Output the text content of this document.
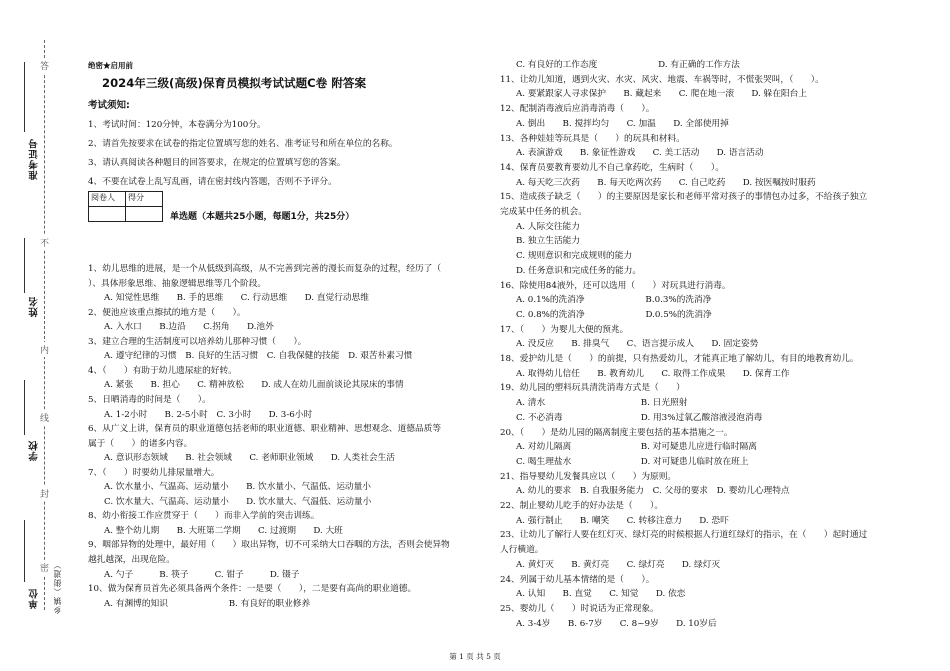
答
不
内
线
封
密
准考证号
姓名
学校
单位 乡镇（街道）
绝密★启用前
2024年三级(高级)保育员模拟考试试题C卷 附答案
考试须知:
1、考试时间：120分钟，本卷满分为100分。
2、请首先按要求在试卷的指定位置填写您的姓名、准考证号和所在单位的名称。
3、请认真阅读各种题目的回答要求，在规定的位置填写您的答案。
4、不要在试卷上乱写乱画，请在密封线内答题，否则不予评分。
阅卷人	得分

单选题（本题共25小题，每题1分，共25分）
1、幼儿思维的进展，是一个从低级到高级，从不完善到完善的漫长而复杂的过程，经历了（
）、具体形象思维、抽象逻辑思维等几个阶段。
A. 知觉性思维　　B. 手的思维　　C. 行动思维　　D. 直觉行动思维
2、便池应该重点擦拭的地方是（　　）。
A. 入水口　　B.边沿　　C.拐角　　D.池外
3、建立合理的生活制度可以培养幼儿那种习惯（　　）。
A. 遵守纪律的习惯　B. 良好的生活习惯　C. 自我保健的技能　D. 艰苦朴素习惯
4、（　　）有助于幼儿遗尿症的好转。
A. 紧张　　B. 担心　　C. 精神放松　　D. 成人在幼儿面前谈论其尿床的事情
5、日晒消毒的时间是（　　）。
A. 1-2小时　　B. 2-5小时　C. 3小时　　D. 3-6小时
6、从广义上讲，保育员的职业道德包括老师的职业道德、职业精神、思想观念、道德品质等
属于（　　）的诸多内容。
A. 意识形态领域　　B. 社会领域　　C. 老师职业领域　　D. 人类社会生活
7、（　　）时要幼儿排尿量增大。
A. 饮水量小、气温高、运动量小　　B. 饮水量小、气温低、运动量小
C. 饮水量大、气温高、运动量小　　D. 饮水量大、气温低、运动量小
8、幼小衔接工作应贯穿于（　　）而非入学前的突击训练。
A. 整个幼儿期　　B. 大班第二学期　　C. 过渡期　　D. 大班
9、咽部异物的处理中，最好用（　　）取出异物，切不可采纳大口吞咽的方法，否则会使异物
越扎越深，出现危险。
A. 勺子　　　B. 筷子　　　C. 钳子　　　D. 镊子
10、做为保育员首先必须具备两个条件：一是要（　　），二是要有高尚的职业道德。
A. 有渊博的知识　　　　　　　B. 有良好的职业修养
C. 有良好的工作态度　　　　　　　D. 有正确的工作方法
11、让幼儿知道，遇到火灾、水灾、风灾、地震、车祸等时，不慌张哭叫，（　　）。
A. 要紧跟家人寻求保护　　B. 藏起来　　C. 爬在地一滚　　D. 躲在阳台上
12、配制消毒液后应消毒消毒（　　）。
A. 倒出　　B. 搅拌均匀　　C. 加温　　D. 全部使用掉
13、各种娃娃等玩具是（　　）的玩具和材料。
A. 表演游戏　　B. 象征性游戏　　C. 美工活动　　D. 语言活动
14、保育员要教育要幼儿不自己拿药吃，生病时（　　）。
A. 每天吃三次药　　B. 每天吃两次药　　C. 自己吃药　　D. 按医嘱按时服药
15、造成孩子缺乏（　　）的主要原因是家长和老师平常对孩子的事情包办过多，不给孩子独立
完成某中任务的机会。
A. 人际交往能力
B. 独立生活能力
C. 规则意识和完成规则的能力
D. 任务意识和完成任务的能力。
16、除使用84液外，还可以选用（　　）对玩具进行消毒。
A. 0.1%的洗消净　　　　　　　B.0.3%的洗消净
C. 0.8%的洗消净　　　　　　　D.0.5%的洗消净
17、（　　）为婴儿大便的预兆。
A. 没反应　　B. 排臭气　　C、语言提示成人　　D. 固定姿势
18、爱护幼儿是（　　）的前提，只有热爱幼儿，才能真正地了解幼儿，有目的地教育幼儿。
A. 取得幼儿信任　　B. 教育幼儿　　C. 取得工作成果　　D. 保育工作
19、幼儿园的塑料玩具清洗消毒方式是（　　）
A. 清水　　　　　　　　　　　B. 日光照射
C. 不必消毒　　　　　　　　　D. 用3%过氧乙酸溶液浸泡消毒
20、（　　）是幼儿园的隔离制度主要包括的基本措施之一。
A. 对幼儿隔离　　　　　　　　B. 对可疑患儿应进行临时隔离
C. 喝生理盐水　　　　　　　　D. 对可疑患儿临时放在班上
21、指导婴幼儿发餐具应以（　　）为原则。
A. 幼儿的要求　B. 自我服务能力　C. 父母的要求　D. 婴幼儿心理特点
22、制止婴幼儿吃手的好办法是（　　）。
A. 强行制止　　B. 嘲笑　　C. 转移注意力　　D. 恐吓
23、让幼儿了解行人要在红灯灭、绿灯亮的时候根据人行道红绿灯的指示，在（　　）起时通过
人行横道。
A. 黄灯灭　　B. 黄灯亮　　C. 绿灯亮　　D. 绿灯灭
24、列属于幼儿基本情绪的是（　　）。
A. 认知　　B. 直觉　　C. 知觉　　D. 依恋
25、婴幼儿（　　）时说话为正常现象。
A. 3-4岁　　B. 6-7岁　　C. 8~9岁　　D. 10岁后
第 1 页 共 5 页
